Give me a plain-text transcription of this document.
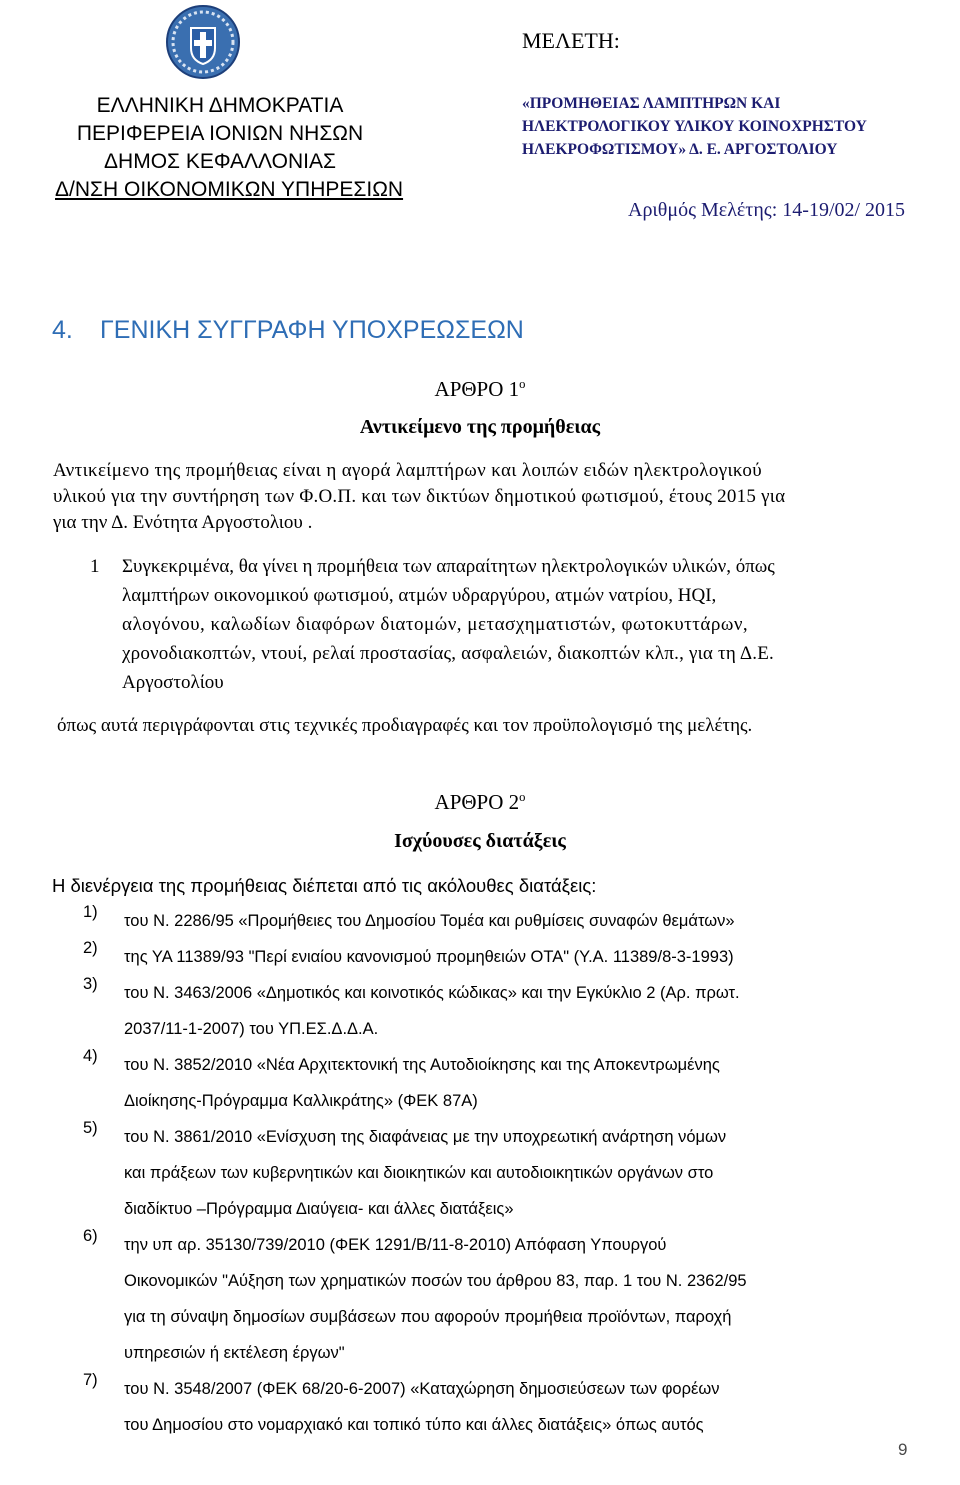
ΕΛΛΗΝΙΚΗ ΔΗΜΟΚΡΑΤΙΑ
ΠΕΡΙΦΕΡΕΙΑ ΙΟΝΙΩΝ ΝΗΣΩΝ
ΔΗΜΟΣ ΚΕΦΑΛΛΟΝΙΑΣ
Δ/ΝΣΗ ΟΙΚΟΝΟΜΙΚΩΝ ΥΠΗΡΕΣΙΩΝ
ΜΕΛΕΤΗ:
«ΠΡΟΜΗΘΕΙΑΣ ΛΑΜΠΤΗΡΩΝ ΚΑΙ
ΗΛΕΚΤΡΟΛΟΓΙΚΟΥ ΥΛΙΚΟΥ ΚΟΙΝΟΧΡΗΣΤΟΥ
ΗΛΕΚΡΟΦΩΤΙΣΜΟΥ» Δ. Ε. ΑΡΓΟΣΤΟΛΙΟΥ
Αριθμός Μελέτης: 14-19/02/ 2015
4. ΓΕΝΙΚΗ ΣΥΓΓΡΑΦΗ ΥΠΟΧΡΕΩΣΕΩΝ
ΑΡΘΡΟ $1^o$
Αντικείμενο της προμήθειας
Αντικείμενο της προμήθειας είναι η αγορά λαμπτήρων και λοιπών ειδών ηλεκτρολογικού
υλικού για την συντήρηση των Φ.Ο.Π. και των δικτύων δημοτικού φωτισμού, έτους 2015 για
για την Δ. Ενότητα Αργοστολιου .
1 Συγκεκριμένα, θα γίνει η προμήθεια των απαραίτητων ηλεκτρολογικών υλικών, όπως
λαμπτήρων οικονομικού φωτισμού, ατμών υδραργύρου, ατμών νατρίου, HQI,
αλογόνου, καλωδίων διαφόρων διατομών, μετασχηματιστών, φωτοκυττάρων,
χρονοδιακοπτών, ντουί, ρελαί προστασίας, ασφαλειών, διακοπτών κλπ., για τη Δ.Ε.
Αργοστολίου
όπως αυτά περιγράφονται στις τεχνικές προδιαγραφές και τον προϋπολογισμό της μελέτης.
ΑΡΘΡΟ $2^o$
Ισχύουσες διατάξεις
Η διενέργεια της προμήθειας διέπεται από τις ακόλουθες διατάξεις:
1) του Ν. 2286/95 «Προμήθειες του Δημοσίου Τομέα και ρυθμίσεις συναφών θεμάτων»
2) της ΥΑ 11389/93 "Περί ενιαίου κανονισμού προμηθειών ΟΤΑ" (Υ.Α. 11389/8-3-1993)
3) του Ν. 3463/2006 «Δημοτικός και κοινοτικός κώδικας» και την Εγκύκλιο 2 (Αρ. πρωτ.
2037/11-1-2007) του ΥΠ.ΕΣ.Δ.Δ.Α.
4) του Ν. 3852/2010 «Νέα Αρχιτεκτονική της Αυτοδιοίκησης και της Αποκεντρωμένης
Διοίκησης-Πρόγραμμα Καλλικράτης» (ΦΕΚ 87Α)
5) του Ν. 3861/2010 «Ενίσχυση της διαφάνειας με την υποχρεωτική ανάρτηση νόμων
και πράξεων των κυβερνητικών και διοικητικών και αυτοδιοικητικών οργάνων στο
διαδίκτυο –Πρόγραμμα Διαύγεια- και άλλες διατάξεις»
6) την υπ αρ. 35130/739/2010 (ΦΕΚ 1291/Β/11-8-2010) Απόφαση Υπουργού
Οικονομικών "Αύξηση των χρηματικών ποσών του άρθρου 83, παρ. 1 του Ν. 2362/95
για τη σύναψη δημοσίων συμβάσεων που αφορούν προμήθεια προϊόντων, παροχή
υπηρεσιών ή εκτέλεση έργων"
7) του Ν. 3548/2007 (ΦΕΚ 68/20-6-2007) «Καταχώρηση δημοσιεύσεων των φορέων
του Δημοσίου στο νομαρχιακό και τοπικό τύπο και άλλες διατάξεις» όπως αυτός
9
